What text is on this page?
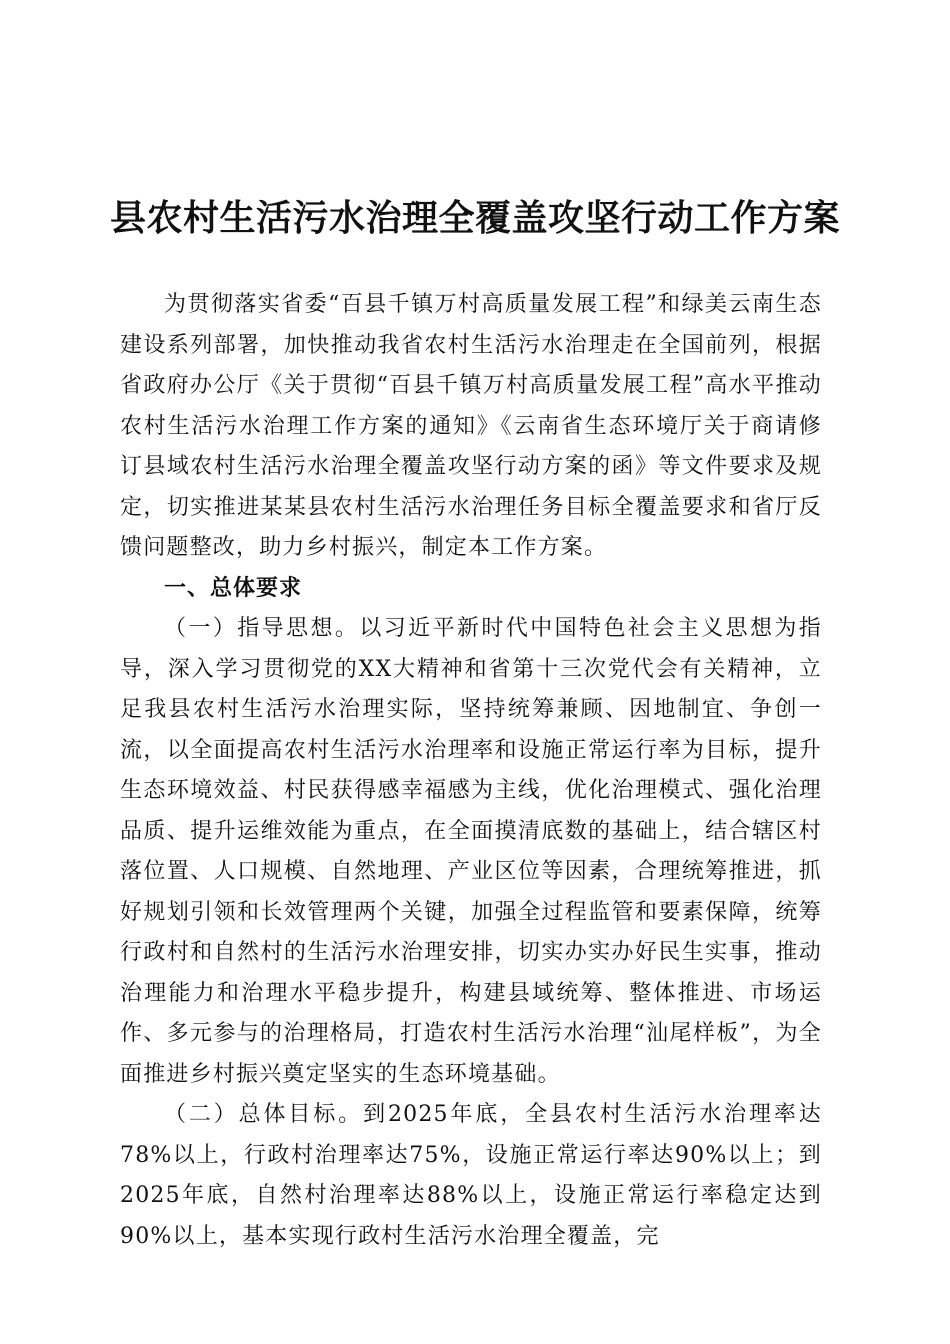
县农村生活污水治理全覆盖攻坚行动工作方案

为贯彻落实省委“百县千镇万村高质量发展工程”和绿美云南生态建设系列部署，加快推动我省农村生活污水治理走在全国前列，根据省政府办公厅《关于贯彻“百县千镇万村高质量发展工程”高水平推动农村生活污水治理工作方案的通知》《云南省生态环境厅关于商请修订县域农村生活污水治理全覆盖攻坚行动方案的函》等文件要求及规定，切实推进某某县农村生活污水治理任务目标全覆盖要求和省厅反馈问题整改，助力乡村振兴，制定本工作方案。

一、总体要求

（一）指导思想。以习近平新时代中国特色社会主义思想为指导，深入学习贯彻党的XX大精神和省第十三次党代会有关精神，立足我县农村生活污水治理实际，坚持统筹兼顾、因地制宜、争创一流，以全面提高农村生活污水治理率和设施正常运行率为目标，提升生态环境效益、村民获得感幸福感为主线，优化治理模式、强化治理品质、提升运维效能为重点，在全面摸清底数的基础上，结合辖区村落位置、人口规模、自然地理、产业区位等因素，合理统筹推进，抓好规划引领和长效管理两个关键，加强全过程监管和要素保障，统筹行政村和自然村的生活污水治理安排，切实办实办好民生实事，推动治理能力和治理水平稳步提升，构建县域统筹、整体推进、市场运作、多元参与的治理格局，打造农村生活污水治理“汕尾样板”，为全面推进乡村振兴奠定坚实的生态环境基础。

（二）总体目标。到2025年底，全县农村生活污水治理率达78%以上，行政村治理率达75%，设施正常运行率达90%以上；到2025年底，自然村治理率达88%以上，设施正常运行率稳定达到90%以上，基本实现行政村生活污水治理全覆盖，完
